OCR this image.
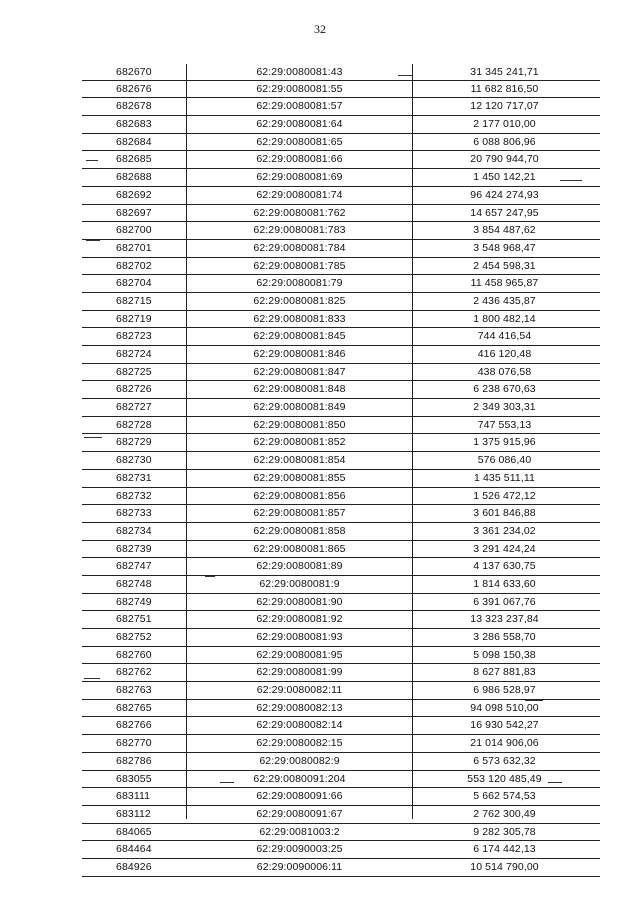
32
682670	62:29:0080081:43	31 345 241,71
682676	62:29:0080081:55	11 682 816,50
682678	62:29:0080081:57	12 120 717,07
682683	62:29:0080081:64	2 177 010,00
682684	62:29:0080081:65	6 088 806,96
682685	62:29:0080081:66	20 790 944,70
682688	62:29:0080081:69	1 450 142,21
682692	62:29:0080081:74	96 424 274,93
682697	62:29:0080081:762	14 657 247,95
682700	62:29:0080081:783	3 854 487,62
682701	62:29:0080081:784	3 548 968,47
682702	62:29:0080081:785	2 454 598,31
682704	62:29:0080081:79	11 458 965,87
682715	62:29:0080081:825	2 436 435,87
682719	62:29:0080081:833	1 800 482,14
682723	62:29:0080081:845	744 416,54
682724	62:29:0080081:846	416 120,48
682725	62:29:0080081:847	438 076,58
682726	62:29:0080081:848	6 238 670,63
682727	62:29:0080081:849	2 349 303,31
682728	62:29:0080081:850	747 553,13
682729	62:29:0080081:852	1 375 915,96
682730	62:29:0080081:854	576 086,40
682731	62:29:0080081:855	1 435 511,11
682732	62:29:0080081:856	1 526 472,12
682733	62:29:0080081:857	3 601 846,88
682734	62:29:0080081:858	3 361 234,02
682739	62:29:0080081:865	3 291 424,24
682747	62:29:0080081:89	4 137 630,75
682748	62:29:0080081:9	1 814 633,60
682749	62:29:0080081:90	6 391 067,76
682751	62:29:0080081:92	13 323 237,84
682752	62:29:0080081:93	3 286 558,70
682760	62:29:0080081:95	5 098 150,38
682762	62:29:0080081:99	8 627 881,83
682763	62:29:0080082:11	6 986 528,97
682765	62:29:0080082:13	94 098 510,00
682766	62:29:0080082:14	16 930 542,27
682770	62:29:0080082:15	21 014 906,06
682786	62:29:0080082:9	6 573 632,32
683055	62:29:0080091:204	553 120 485,49
683111	62:29:0080091:66	5 662 574,53
683112	62:29:0080091:67	2 762 300,49
684065	62:29:0081003:2	9 282 305,78
684464	62:29:0090003:25	6 174 442,13
684926	62:29:0090006:11	10 514 790,00
